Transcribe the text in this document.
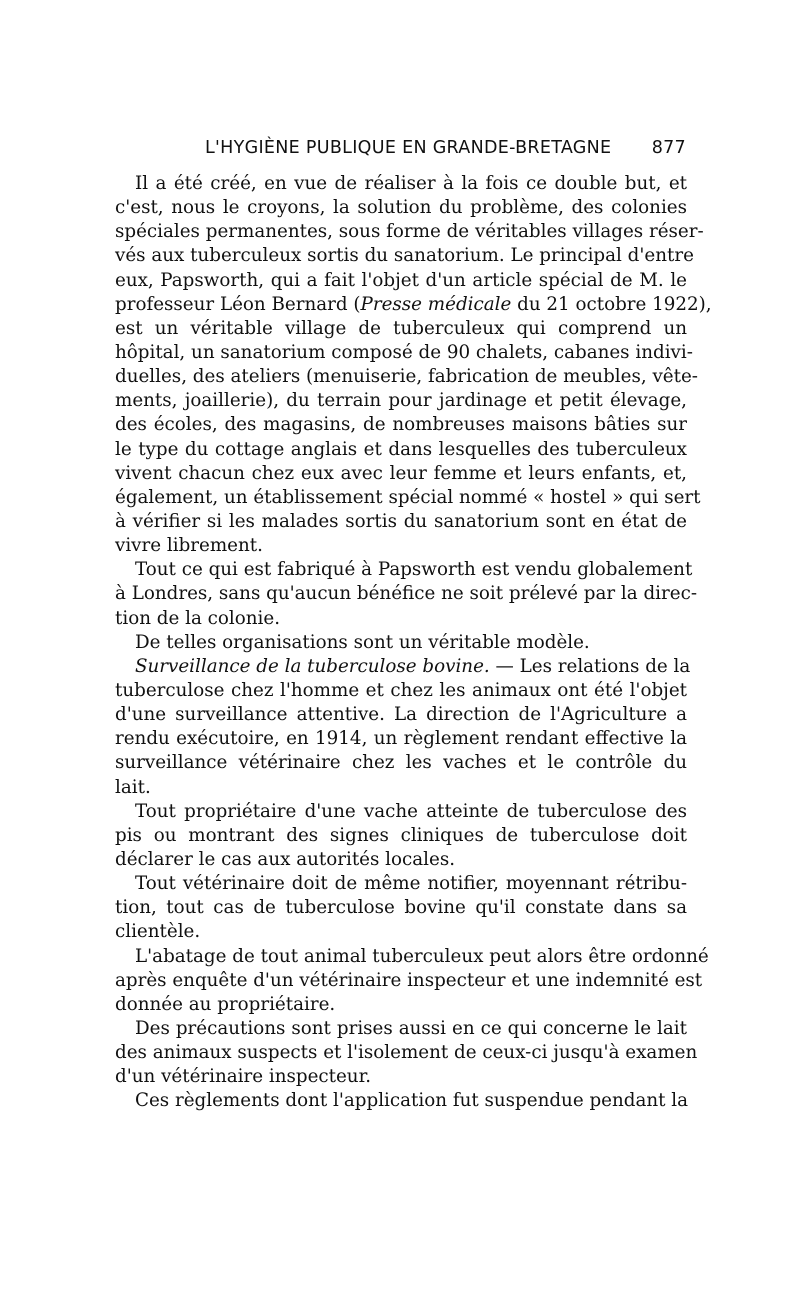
L'HYGIÈNE PUBLIQUE EN GRANDE-BRETAGNE 877
Il a été créé, en vue de réaliser à la fois ce double but, et
c'est, nous le croyons, la solution du problème, des colonies
spéciales permanentes, sous forme de véritables villages réser-
vés aux tuberculeux sortis du sanatorium. Le principal d'entre
eux, Papsworth, qui a fait l'objet d'un article spécial de M. le
professeur Léon Bernard (Presse médicale du 21 octobre 1922),
est un véritable village de tuberculeux qui comprend un
hôpital, un sanatorium composé de 90 chalets, cabanes indivi-
duelles, des ateliers (menuiserie, fabrication de meubles, vête-
ments, joaillerie), du terrain pour jardinage et petit élevage,
des écoles, des magasins, de nombreuses maisons bâties sur
le type du cottage anglais et dans lesquelles des tuberculeux
vivent chacun chez eux avec leur femme et leurs enfants, et,
également, un établissement spécial nommé « hostel » qui sert
à vérifier si les malades sortis du sanatorium sont en état de
vivre librement.
Tout ce qui est fabriqué à Papsworth est vendu globalement
à Londres, sans qu'aucun bénéfice ne soit prélevé par la direc-
tion de la colonie.
De telles organisations sont un véritable modèle.
Surveillance de la tuberculose bovine. — Les relations de la
tuberculose chez l'homme et chez les animaux ont été l'objet
d'une surveillance attentive. La direction de l'Agriculture a
rendu exécutoire, en 1914, un règlement rendant effective la
surveillance vétérinaire chez les vaches et le contrôle du
lait.
Tout propriétaire d'une vache atteinte de tuberculose des
pis ou montrant des signes cliniques de tuberculose doit
déclarer le cas aux autorités locales.
Tout vétérinaire doit de même notifier, moyennant rétribu-
tion, tout cas de tuberculose bovine qu'il constate dans sa
clientèle.
L'abatage de tout animal tuberculeux peut alors être ordonné
après enquête d'un vétérinaire inspecteur et une indemnité est
donnée au propriétaire.
Des précautions sont prises aussi en ce qui concerne le lait
des animaux suspects et l'isolement de ceux-ci jusqu'à examen
d'un vétérinaire inspecteur.
Ces règlements dont l'application fut suspendue pendant la
